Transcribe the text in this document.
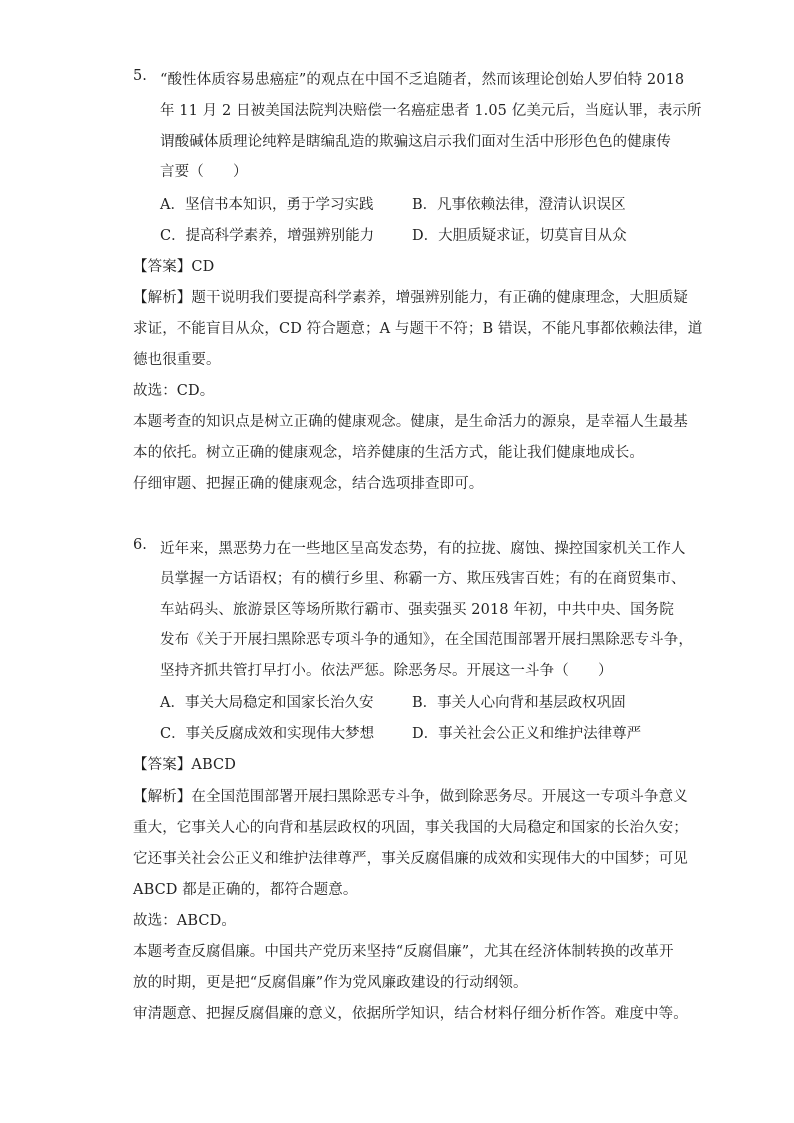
5. “酸性体质容易患癌症”的观点在中国不乏追随者，然而该理论创始人罗伯特 2018
年 11 月 2 日被美国法院判决赔偿一名癌症患者 1.05 亿美元后，当庭认罪，表示所
谓酸碱体质理论纯粹是瞎编乱造的欺骗这启示我们面对生活中形形色色的健康传
言要（　　）
A．坚信书本知识，勇于学习实践	B．凡事依赖法律，澄清认识误区
C．提高科学素养，增强辨别能力	D．大胆质疑求证，切莫盲目从众
【答案】CD
【解析】题干说明我们要提高科学素养，增强辨别能力，有正确的健康理念，大胆质疑
求证，不能盲目从众，CD 符合题意；A 与题干不符；B 错误，不能凡事都依赖法律，道
德也很重要。
故选：CD。
本题考查的知识点是树立正确的健康观念。健康，是生命活力的源泉，是幸福人生最基
本的依托。树立正确的健康观念，培养健康的生活方式，能让我们健康地成长。
仔细审题、把握正确的健康观念，结合选项排查即可。
6. 近年来，黑恶势力在一些地区呈高发态势，有的拉拢、腐蚀、操控国家机关工作人
员掌握一方话语权；有的横行乡里、称霸一方、欺压残害百姓；有的在商贸集市、
车站码头、旅游景区等场所欺行霸市、强卖强买 2018 年初，中共中央、国务院
发布《关于开展扫黑除恶专项斗争的通知》，在全国范围部署开展扫黑除恶专斗争，
坚持齐抓共管打早打小。依法严惩。除恶务尽。开展这一斗争（　　）
A．事关大局稳定和国家长治久安	B．事关人心向背和基层政权巩固
C．事关反腐成效和实现伟大梦想	D．事关社会公正义和维护法律尊严
【答案】ABCD
【解析】在全国范围部署开展扫黑除恶专斗争，做到除恶务尽。开展这一专项斗争意义
重大，它事关人心的向背和基层政权的巩固，事关我国的大局稳定和国家的长治久安；
它还事关社会公正义和维护法律尊严，事关反腐倡廉的成效和实现伟大的中国梦；可见
ABCD 都是正确的，都符合题意。
故选：ABCD。
本题考查反腐倡廉。中国共产党历来坚持“反腐倡廉”，尤其在经济体制转换的改革开
放的时期，更是把“反腐倡廉”作为党风廉政建设的行动纲领。
审清题意、把握反腐倡廉的意义，依据所学知识，结合材料仔细分析作答。难度中等。
